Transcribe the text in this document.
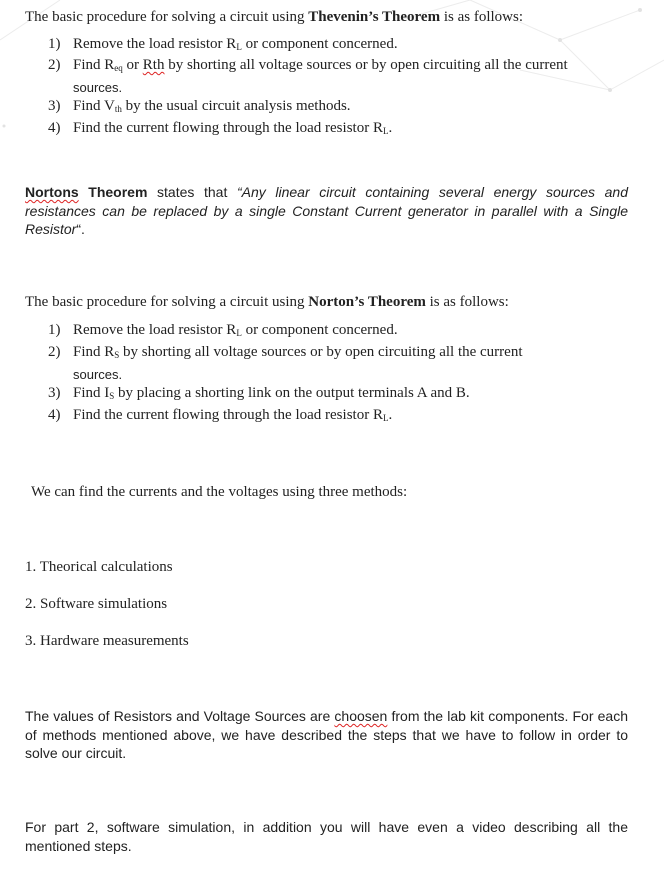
The basic procedure for solving a circuit using Thevenin’s Theorem is as follows:
1) Remove the load resistor $R_L$ or component concerned.
2) Find $R_{eq}$ or Rth by shorting all voltage sources or by open circuiting all the current
sources.
3) Find $V_{th}$ by the usual circuit analysis methods.
4) Find the current flowing through the load resistor $R_L$.
Nortons Theorem states that “Any linear circuit containing several energy sources and resistances can be replaced by a single Constant Current generator in parallel with a Single Resistor“.
The basic procedure for solving a circuit using Norton’s Theorem is as follows:
1) Remove the load resistor $R_L$ or component concerned.
2) Find $R_S$ by shorting all voltage sources or by open circuiting all the current
sources.
3) Find $I_S$ by placing a shorting link on the output terminals A and B.
4) Find the current flowing through the load resistor $R_L$.
We can find the currents and the voltages using three methods:
1. Theorical calculations
2. Software simulations
3. Hardware measurements
The values of Resistors and Voltage Sources are choosen from the lab kit components. For each of methods mentioned above, we have described the steps that we have to follow in order to solve our circuit.
For part 2, software simulation, in addition you will have even a video describing all the mentioned steps.
